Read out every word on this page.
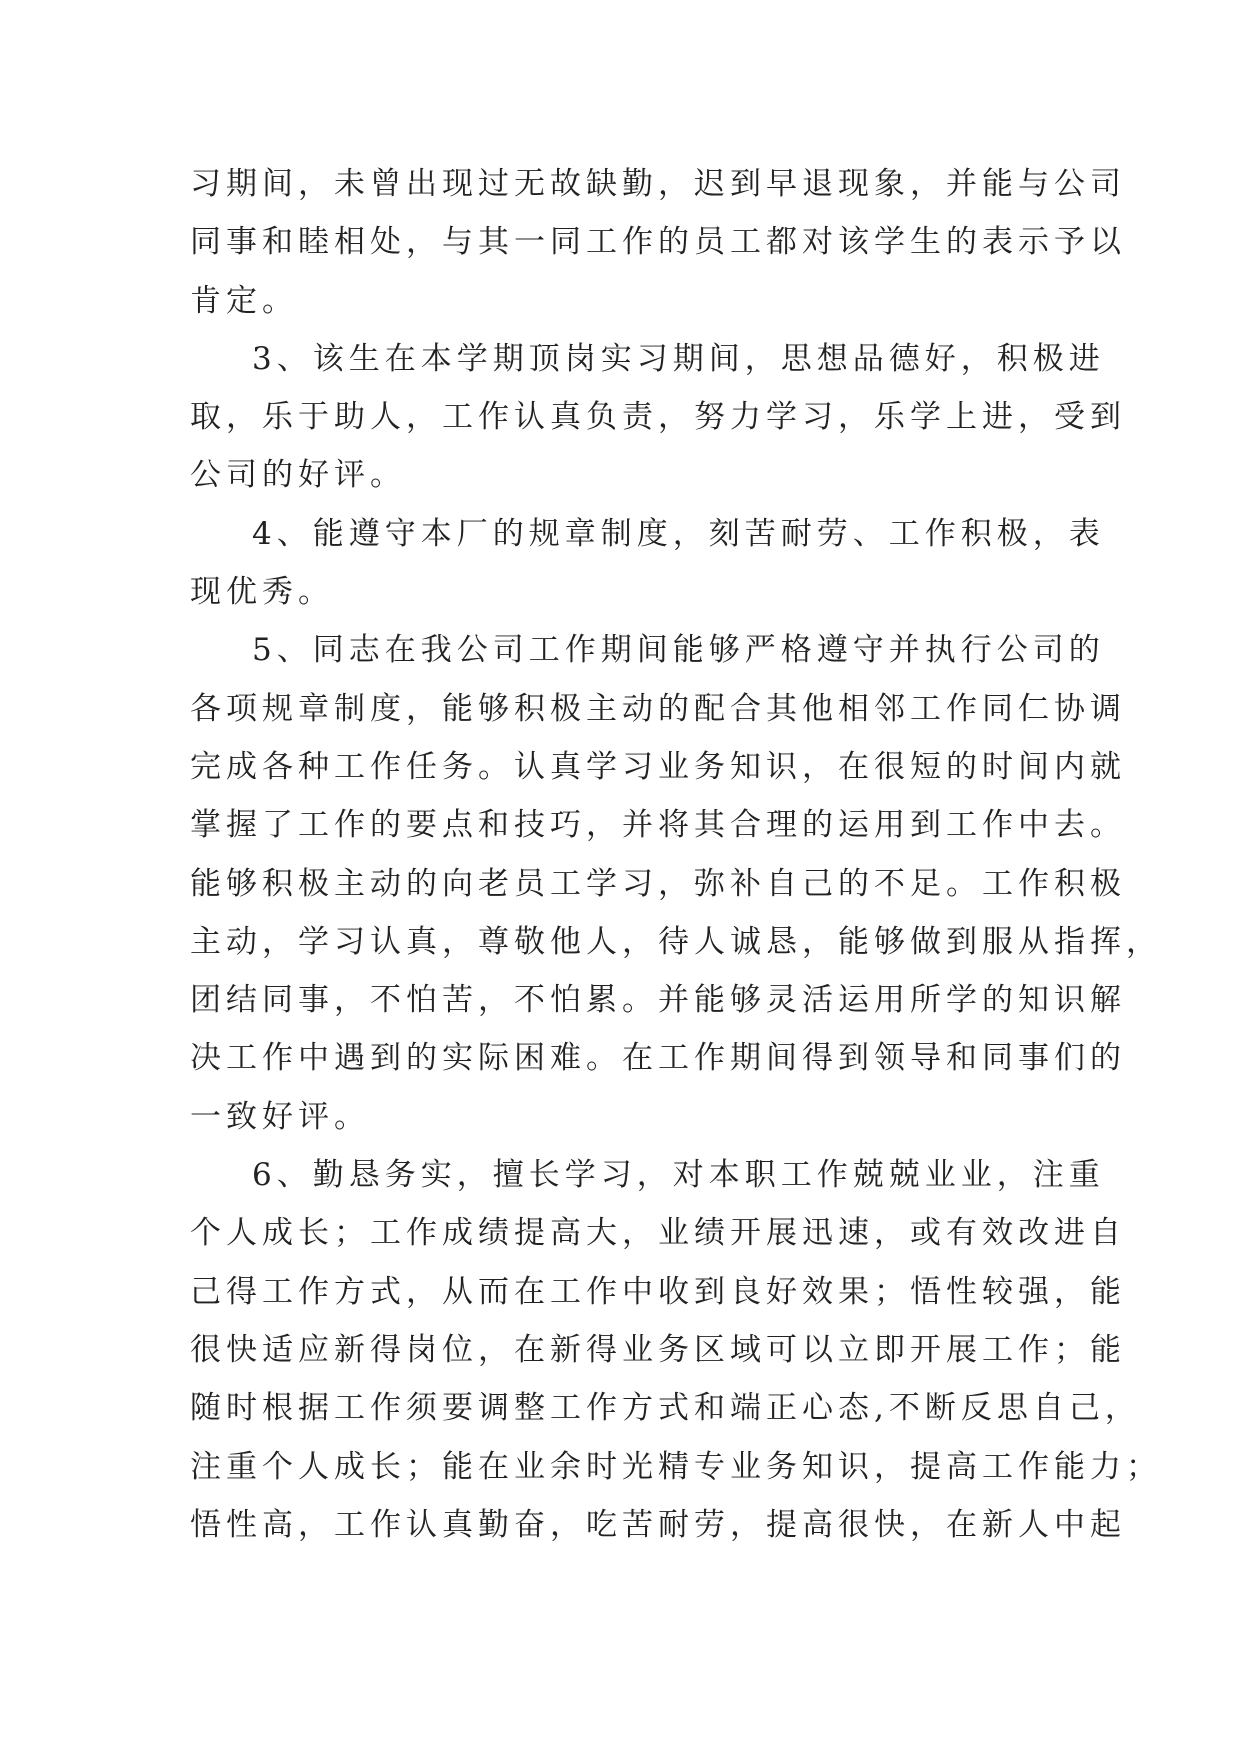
习期间，未曾出现过无故缺勤，迟到早退现象，并能与公司
同事和睦相处，与其一同工作的员工都对该学生的表示予以
肯定。
3、该生在本学期顶岗实习期间，思想品德好，积极进
取，乐于助人，工作认真负责，努力学习，乐学上进，受到
公司的好评。
4、能遵守本厂的规章制度，刻苦耐劳、工作积极，表
现优秀。
5、同志在我公司工作期间能够严格遵守并执行公司的
各项规章制度，能够积极主动的配合其他相邻工作同仁协调
完成各种工作任务。认真学习业务知识，在很短的时间内就
掌握了工作的要点和技巧，并将其合理的运用到工作中去。
能够积极主动的向老员工学习，弥补自己的不足。工作积极
主动，学习认真，尊敬他人，待人诚恳，能够做到服从指挥，
团结同事，不怕苦，不怕累。并能够灵活运用所学的知识解
决工作中遇到的实际困难。在工作期间得到领导和同事们的
一致好评。
6、勤恳务实，擅长学习，对本职工作兢兢业业，注重
个人成长；工作成绩提高大，业绩开展迅速，或有效改进自
己得工作方式，从而在工作中收到良好效果；悟性较强，能
很快适应新得岗位，在新得业务区域可以立即开展工作；能
随时根据工作须要调整工作方式和端正心态,不断反思自己，
注重个人成长；能在业余时光精专业务知识，提高工作能力；
悟性高，工作认真勤奋，吃苦耐劳，提高很快，在新人中起
